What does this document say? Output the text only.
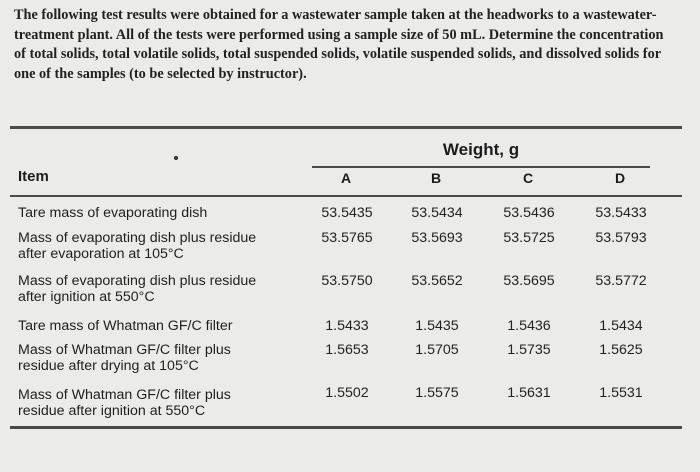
The following test results were obtained for a wastewater sample taken at the headworks to a wastewater-treatment plant. All of the tests were performed using a sample size of 50 mL. Determine the concentration of total solids, total volatile solids, total suspended solids, volatile suspended solids, and dissolved solids for one of the samples (to be selected by instructor).
Weight, g
Item	A	B	C	D
Tare mass of evaporating dish	53.5435	53.5434	53.5436	53.5433
Mass of evaporating dish plus residue
after evaporation at 105°C
53.5765	53.5693	53.5725	53.5793
Mass of evaporating dish plus residue
after ignition at 550°C
53.5750	53.5652	53.5695	53.5772
Tare mass of Whatman GF/C filter	1.5433	1.5435	1.5436	1.5434
Mass of Whatman GF/C filter plus
residue after drying at 105°C
1.5653	1.5705	1.5735	1.5625
Mass of Whatman GF/C filter plus
residue after ignition at 550°C
1.5502	1.5575	1.5631	1.5531
